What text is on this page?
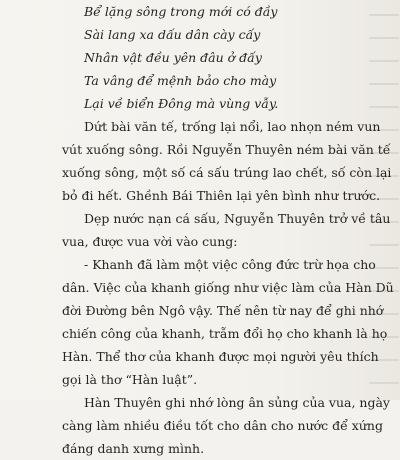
Bể lặng sông trong mới có đầy
Sài lang xa dấu dân cày cấy
Nhân vật đều yên đâu ở đấy
Ta vâng để mệnh bảo cho mày
Lại về biển Đông mà vùng vẫy.
Dứt bài văn tế, trống lại nổi, lao nhọn ném vun
vút xuống sông. Rồi Nguyễn Thuyên ném bài văn tế
xuống sông, một số cá sấu trúng lao chết, số còn lại
bỏ đi hết. Ghềnh Bái Thiên lại yên bình như trước.
Dẹp nước nạn cá sấu, Nguyễn Thuyên trở về tâu
vua, được vua vời vào cung:
- Khanh đã làm một việc công đức trừ họa cho
dân. Việc của khanh giống như việc làm của Hàn Dũ
đời Đường bên Ngô vậy. Thế nên từ nay để ghi nhớ
chiến công của khanh, trẫm đổi họ cho khanh là họ
Hàn. Thể thơ của khanh được mọi người yêu thích
gọi là thơ “Hàn luật”.
Hàn Thuyên ghi nhớ lòng ân sủng của vua, ngày
càng làm nhiều điều tốt cho dân cho nước để xứng
đáng danh xưng mình.
